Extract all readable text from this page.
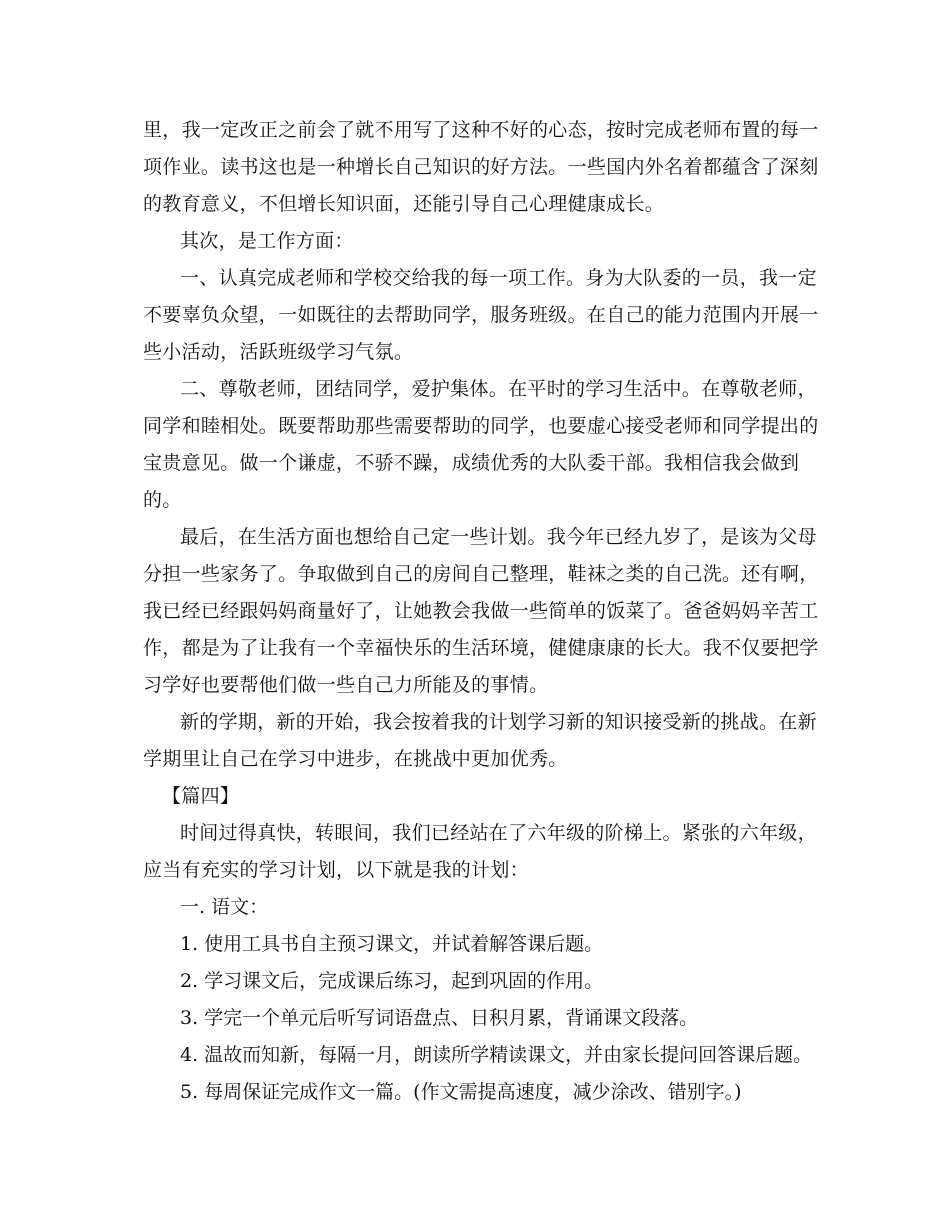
里，我一定改正之前会了就不用写了这种不好的心态，按时完成老师布置的每一
项作业。读书这也是一种增长自己知识的好方法。一些国内外名着都蕴含了深刻
的教育意义，不但增长知识面，还能引导自己心理健康成长。
其次，是工作方面：
一、认真完成老师和学校交给我的每一项工作。身为大队委的一员，我一定
不要辜负众望，一如既往的去帮助同学，服务班级。在自己的能力范围内开展一
些小活动，活跃班级学习气氛。
二、尊敬老师，团结同学，爱护集体。在平时的学习生活中。在尊敬老师，
同学和睦相处。既要帮助那些需要帮助的同学，也要虚心接受老师和同学提出的
宝贵意见。做一个谦虚，不骄不躁，成绩优秀的大队委干部。我相信我会做到
的。
最后，在生活方面也想给自己定一些计划。我今年已经九岁了，是该为父母
分担一些家务了。争取做到自己的房间自己整理，鞋袜之类的自己洗。还有啊，
我已经已经跟妈妈商量好了，让她教会我做一些简单的饭菜了。爸爸妈妈辛苦工
作，都是为了让我有一个幸福快乐的生活环境，健健康康的长大。我不仅要把学
习学好也要帮他们做一些自己力所能及的事情。
新的学期，新的开始，我会按着我的计划学习新的知识接受新的挑战。在新
学期里让自己在学习中进步，在挑战中更加优秀。
【篇四】
时间过得真快，转眼间，我们已经站在了六年级的阶梯上。紧张的六年级，
应当有充实的学习计划，以下就是我的计划：
一. 语文：
1. 使用工具书自主预习课文，并试着解答课后题。
2. 学习课文后，完成课后练习，起到巩固的作用。
3. 学完一个单元后听写词语盘点、日积月累，背诵课文段落。
4. 温故而知新，每隔一月，朗读所学精读课文，并由家长提问回答课后题。
5. 每周保证完成作文一篇。(作文需提高速度，减少涂改、错别字。)
